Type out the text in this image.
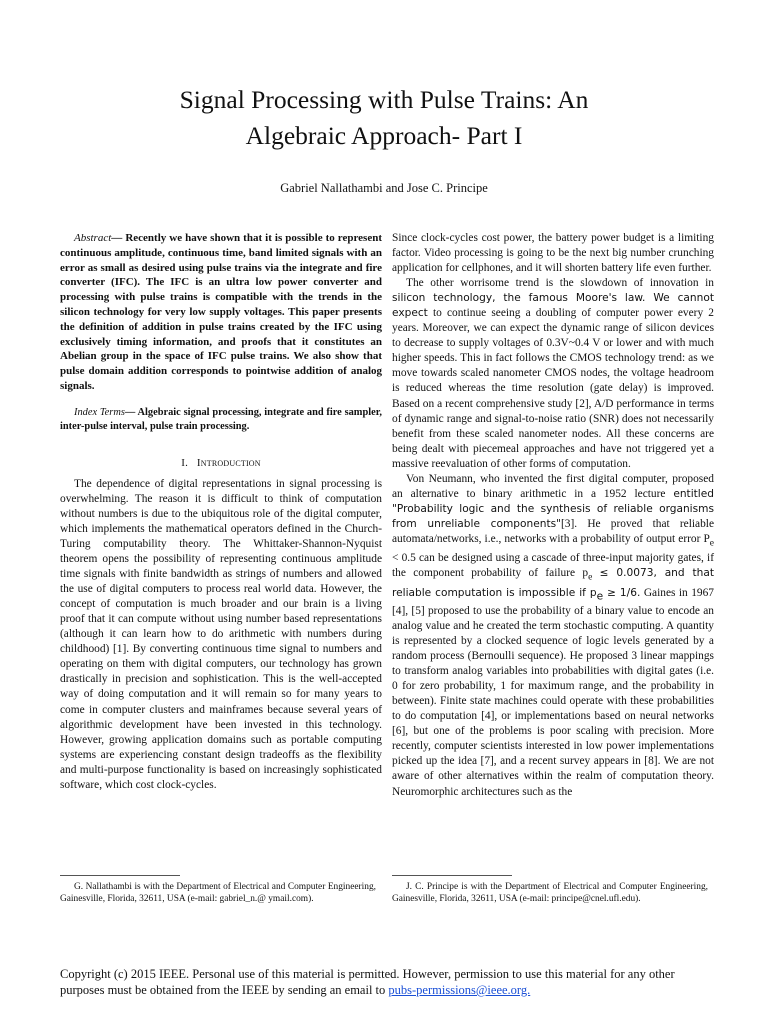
Signal Processing with Pulse Trains: An
Algebraic Approach- Part I
Gabriel Nallathambi and Jose C. Principe

Abstract— Recently we have shown that it is possible to represent continuous amplitude, continuous time, band limited signals with an error as small as desired using pulse trains via the integrate and fire converter (IFC). The IFC is an ultra low power converter and processing with pulse trains is compatible with the trends in the silicon technology for very low supply voltages. This paper presents the definition of addition in pulse trains created by the IFC using exclusively timing information, and proofs that it constitutes an Abelian group in the space of IFC pulse trains. We also show that pulse domain addition corresponds to pointwise addition of analog signals.

Index Terms— Algebraic signal processing, integrate and fire sampler, inter-pulse interval, pulse train processing.

I. Introduction

The dependence of digital representations in signal processing is overwhelming. The reason it is difficult to think of computation without numbers is due to the ubiquitous role of the digital computer, which implements the mathematical operators defined in the Church-Turing computability theory. The Whittaker-Shannon-Nyquist theorem opens the possibility of representing continuous amplitude time signals with finite bandwidth as strings of numbers and allowed the use of digital computers to process real world data. However, the concept of computation is much broader and our brain is a living proof that it can compute without using number based representations (although it can learn how to do arithmetic with numbers during childhood) [1]. By converting continuous time signal to numbers and operating on them with digital computers, our technology has grown drastically in precision and sophistication. This is the well-accepted way of doing computation and it will remain so for many years to come in computer clusters and mainframes because several years of algorithmic development have been invested in this technology. However, growing application domains such as portable computing systems are experiencing constant design tradeoffs as the flexibility and multi-purpose functionality is based on increasingly sophisticated software, which cost clock-cycles.

Since clock-cycles cost power, the battery power budget is a limiting factor. Video processing is going to be the next big number crunching application for cellphones, and it will shorten battery life even further.

The other worrisome trend is the slowdown of innovation in silicon technology, the famous Moore's law. We cannot expect to continue seeing a doubling of computer power every 2 years. Moreover, we can expect the dynamic range of silicon devices to decrease to supply voltages of 0.3V~0.4 V or lower and with much higher speeds. This in fact follows the CMOS technology trend: as we move towards scaled nanometer CMOS nodes, the voltage headroom is reduced whereas the time resolution (gate delay) is improved. Based on a recent comprehensive study [2], A/D performance in terms of dynamic range and signal-to-noise ratio (SNR) does not necessarily benefit from these scaled nanometer nodes. All these concerns are being dealt with piecemeal approaches and have not triggered yet a massive reevaluation of other forms of computation.

Von Neumann, who invented the first digital computer, proposed an alternative to binary arithmetic in a 1952 lecture entitled "Probability logic and the synthesis of reliable organisms from unreliable components"[3]. He proved that reliable automata/networks, i.e., networks with a probability of output error $P_e < 0.5$ can be designed using a cascade of three-input majority gates, if the component probability of failure $p_e \le 0.0073$, and that reliable computation is impossible if $p_e \ge 1/6$. Gaines in 1967 [4], [5] proposed to use the probability of a binary value to encode an analog value and he created the term stochastic computing. A quantity is represented by a clocked sequence of logic levels generated by a random process (Bernoulli sequence). He proposed 3 linear mappings to transform analog variables into probabilities with digital gates (i.e. 0 for zero probability, 1 for maximum range, and the probability in between). Finite state machines could operate with these probabilities to do computation [4], or implementations based on neural networks [6], but one of the problems is poor scaling with precision. More recently, computer scientists interested in low power implementations picked up the idea [7], and a recent survey appears in [8]. We are not aware of other alternatives within the realm of computation theory. Neuromorphic architectures such as the

G. Nallathambi is with the Department of Electrical and Computer Engineering, Gainesville, Florida, 32611, USA (e-mail: gabriel_n.@ ymail.com).

J. C. Principe is with the Department of Electrical and Computer Engineering, Gainesville, Florida, 32611, USA (e-mail: principe@cnel.ufl.edu).

Copyright (c) 2015 IEEE. Personal use of this material is permitted. However, permission to use this material for any other purposes must be obtained from the IEEE by sending an email to pubs-permissions@ieee.org.
